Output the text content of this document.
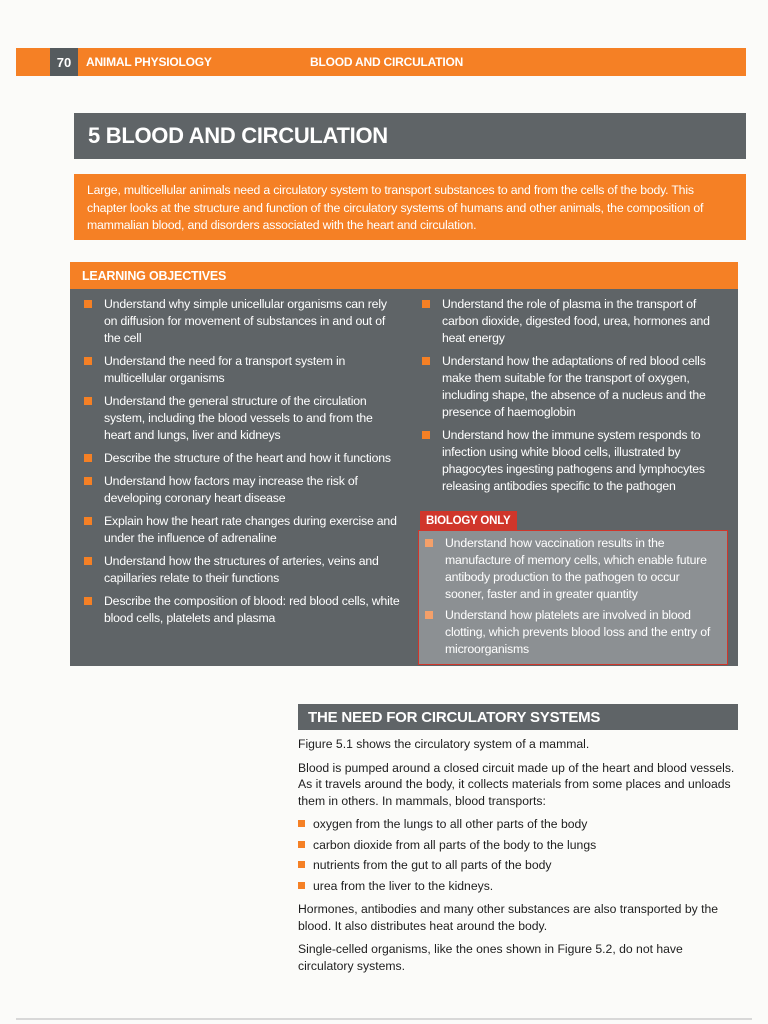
70	ANIMAL PHYSIOLOGY	BLOOD AND CIRCULATION
5 BLOOD AND CIRCULATION
Large, multicellular animals need a circulatory system to transport substances to and from the cells of the body. This chapter looks at the structure and function of the circulatory systems of humans and other animals, the composition of mammalian blood, and disorders associated with the heart and circulation.
LEARNING OBJECTIVES
Understand why simple unicellular organisms can rely on diffusion for movement of substances in and out of the cell
Understand the need for a transport system in multicellular organisms
Understand the general structure of the circulation system, including the blood vessels to and from the heart and lungs, liver and kidneys
Describe the structure of the heart and how it functions
Understand how factors may increase the risk of developing coronary heart disease
Explain how the heart rate changes during exercise and under the influence of adrenaline
Understand how the structures of arteries, veins and capillaries relate to their functions
Describe the composition of blood: red blood cells, white blood cells, platelets and plasma
Understand the role of plasma in the transport of carbon dioxide, digested food, urea, hormones and heat energy
Understand how the adaptations of red blood cells make them suitable for the transport of oxygen, including shape, the absence of a nucleus and the presence of haemoglobin
Understand how the immune system responds to infection using white blood cells, illustrated by phagocytes ingesting pathogens and lymphocytes releasing antibodies specific to the pathogen
BIOLOGY ONLY
Understand how vaccination results in the manufacture of memory cells, which enable future antibody production to the pathogen to occur sooner, faster and in greater quantity
Understand how platelets are involved in blood clotting, which prevents blood loss and the entry of microorganisms
THE NEED FOR CIRCULATORY SYSTEMS

Figure 5.1 shows the circulatory system of a mammal.

Blood is pumped around a closed circuit made up of the heart and blood vessels. As it travels around the body, it collects materials from some places and unloads them in others. In mammals, blood transports:

oxygen from the lungs to all other parts of the body
carbon dioxide from all parts of the body to the lungs
nutrients from the gut to all parts of the body
urea from the liver to the kidneys.

Hormones, antibodies and many other substances are also transported by the blood. It also distributes heat around the body.

Single-celled organisms, like the ones shown in Figure 5.2, do not have circulatory systems.
